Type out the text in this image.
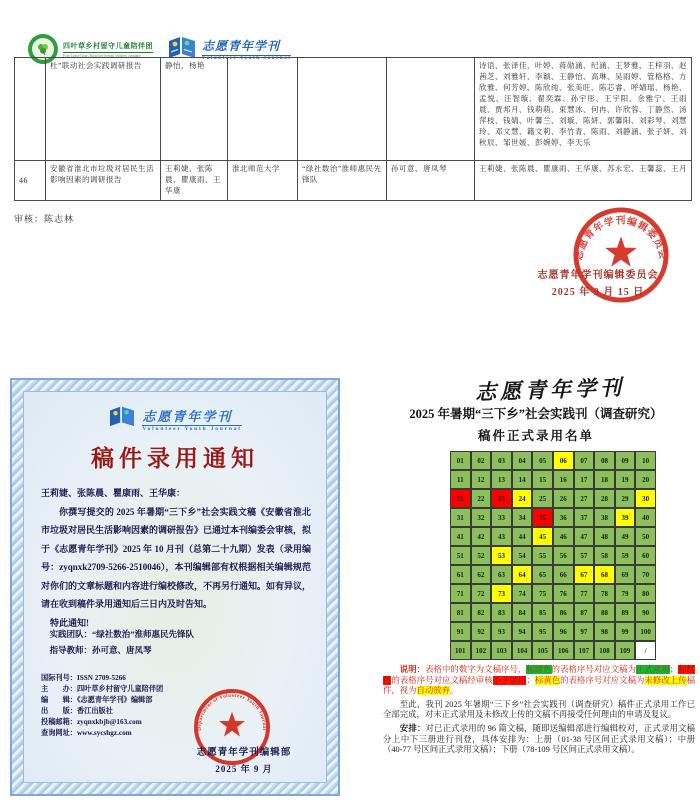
四叶草乡村留守儿童陪伴团
Four Leave Grass Rural left-behind children company
志愿青年学刊
Volunteer Youth Journal
	杜”联动社会实践调研报告	静怡，杨艳				诗语、张泽佳、叶婷、蒋勋涵、纪涵、王梦雅、王梓羽、赵茜芝、刘雅轩、李颖、王静怡、高琳、吴雨婷、管格格、方欣雅、何芳婷、陈欣纯、张美旺、陈芯睿、呼婧瑶、杨艳、孟悦、汪智璇、翟奕霖、孙宇彤、王宇阳、余雅宁、王雨晨、贾邦月、钱萌萌、束慧冰、何冉、许欣蓉、丁静然、汤萍枝、钱婧、叶馨兰、刘璇、陈妍、郭馨阳、刘彩琴、刘慧玲、邓文慧、籍文莉、李竹青、陈雨、刘静涵、张子妍、刘秋辰、邹世媛、彭婉婷、李天乐
46	安徽省淮北市垃圾对居民生活影响因素的调研报告	王莉婕、张陈晨、瞿康雨、王华康	淮北师范大学	“绿社数治”淮师惠民先锋队	孙可意、唐凤琴	王莉婕、张陈晨、瞿康雨、王华康、苏永宏、王馨蕊、王月
审核：陈志林
志愿青年学刊编辑委员会
志愿青年学刊编辑委员会
2025 年 9 月 15 日
志愿青年学刊
Volunteer Youth Journal
稿件录用通知

王莉婕、张陈晨、瞿康雨、王华康：

你撰写提交的 2025 年暑期“三下乡”社会实践文稿《安徽省淮北市垃圾对居民生活影响因素的调研报告》已通过本刊编委会审核，拟于《志愿青年学刊》2025 年 10 月刊（总第二十九期）发表（录用编号：zyqnxk2709-5266-2510046），本刊编辑部有权根据相关编辑规范对你们的文章标题和内容进行编校修改，不再另行通知。如有异议，请在收到稿件录用通知后三日内及时告知。

特此通知!

实践团队：“绿社数治”淮师惠民先锋队

指导教师：孙可意、唐凤琴

国际刊号：ISSN 2709-5266
主　　办：四叶草乡村留守儿童陪伴团
编　　辑：《志愿青年学刊》编辑部
出　　版：香江出版社
投稿邮箱：zyqnxkbjb@163.com
查询网址：www.sycshgz.com
Department of Volunteer Youth Journal
志愿青年学刊编辑部
2025 年 9 月
志愿青年学刊
2025 年暑期“三下乡”社会实践刊（调查研究）
稿件正式录用名单
01	02	03	04	05	06	07	08	09	10
11	12	13	14	15	16	17	18	19	20
21	22	23	24	25	26	27	28	29	30
31	32	33	34	35	36	37	38	39	40
41	42	43	44	45	46	47	48	49	50
51	52	53	54	55	56	57	58	59	60
61	62	63	64	65	66	67	68	69	70
71	72	73	74	75	76	77	78	79	80
81	82	83	84	85	86	87	88	89	90
91	92	93	94	95	96	97	98	99	100
101	102	103	104	105	106	107	108	109	/

说明：表格中的数字为文稿序号，标绿色的表格序号对应文稿为正式录用；标红色的表格序号对应文稿经审核不予录用；标黄色的表格序号对应文稿为未修改上传稿件，视为自动放弃。

至此，我刊 2025 年暑期“三下乡”社会实践刊（调查研究）稿件正式录用工作已全部完成，对未正式录用及未修改上传的文稿不再接受任何理由的申请及复议。

安排：对已正式录用的 96 篇文稿，随即送编辑部进行编辑校对，正式录用文稿分上中下三册进行刊登，具体安排为：上册（01-38 号区间正式录用文稿）；中册（40-77 号区间正式录用文稿）；下册（78-109 号区间正式录用文稿）。
